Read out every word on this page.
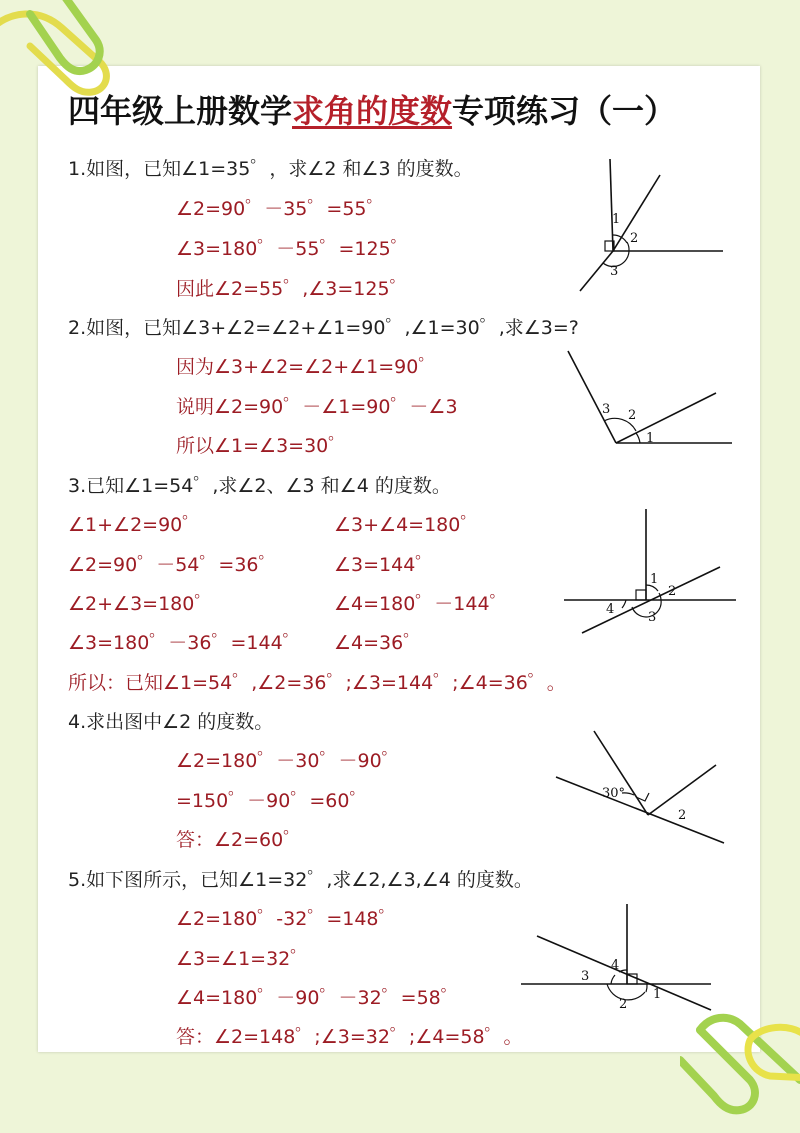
四年级上册数学求角的度数专项练习（一）
1.如图，已知∠1=35゜，求∠2 和∠3 的度数。
∠2=90゜－35゜=55゜
∠3=180゜－55゜=125゜
因此∠2=55゜,∠3=125゜
1
2
3
2.如图，已知∠3+∠2=∠2+∠1=90゜,∠1=30゜,求∠3=?
因为∠3+∠2=∠2+∠1=90゜
说明∠2=90゜－∠1=90゜－∠3
所以∠1=∠3=30゜
3 2
1
3.已知∠1=54゜,求∠2、∠3 和∠4 的度数。
∠1+∠2=90゜
∠2=90゜－54゜=36゜
∠2+∠3=180゜
∠3=180゜－36゜=144゜
∠3+∠4=180゜
∠3=144゜
∠4=180゜－144゜
∠4=36゜
所以：已知∠1=54゜,∠2=36゜;∠3=144゜;∠4=36゜。
1
2
4
3
4.求出图中∠2 的度数。
∠2=180゜－30゜－90゜
=150゜－90゜=60゜
答：∠2=60゜
30°
2
5.如下图所示，已知∠1=32゜,求∠2,∠3,∠4 的度数。
∠2=180゜-32゜=148゜
∠3=∠1=32゜
∠4=180゜－90゜－32゜=58゜
答：∠2=148゜;∠3=32゜;∠4=58゜。
4
3
2
1
